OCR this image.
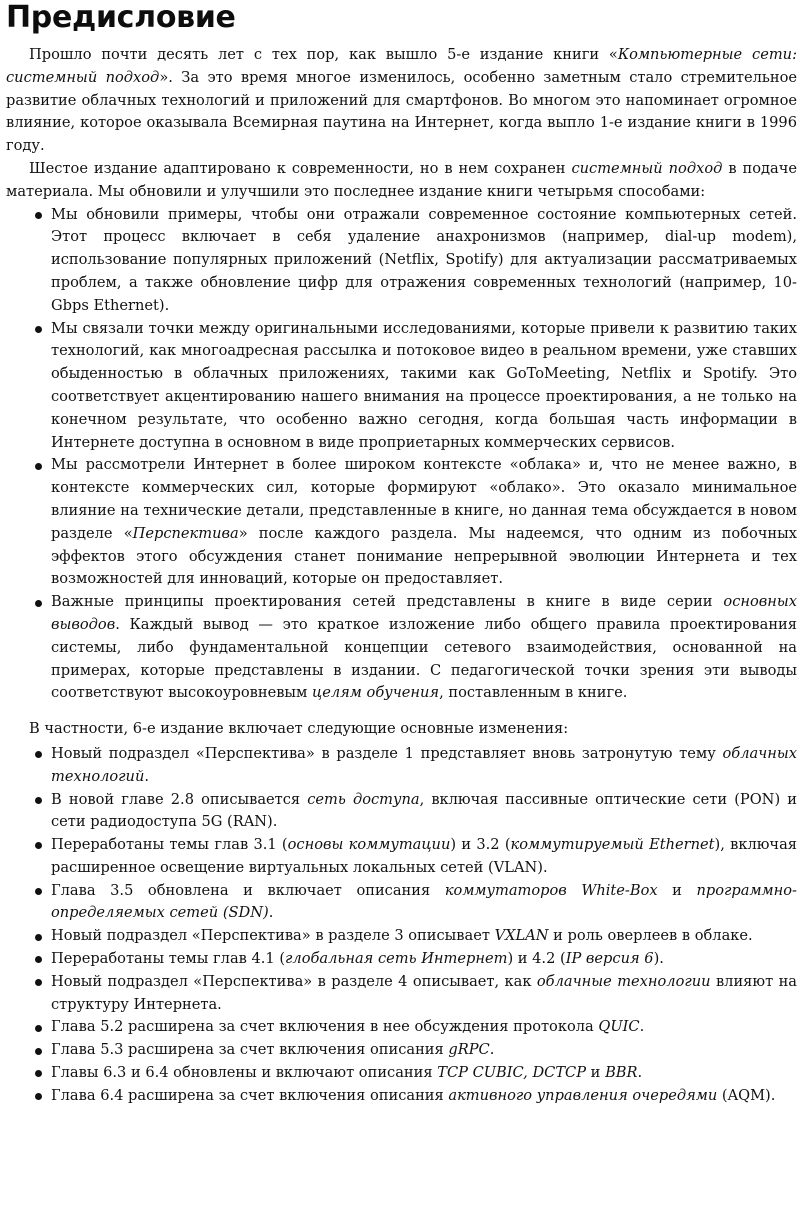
Предисловие

Прошло почти десять лет с тех пор, как вышло 5-е издание книги «Компьютерные сети: системный подход». За это время многое изменилось, особенно заметным стало стремительное развитие облачных технологий и приложений для смартфонов. Во многом это напоминает огромное влияние, которое оказывала Всемирная паутина на Интернет, когда выпло 1-е издание книги в 1996 году.

Шестое издание адаптировано к современности, но в нем сохранен системный подход в подаче материала. Мы обновили и улучшили это последнее издание книги четырьмя способами:

Мы обновили примеры, чтобы они отражали современное состояние компьютерных сетей. Этот процесс включает в себя удаление анахронизмов (например, dial-up modem), использование популярных приложений (Netflix, Spotify) для актуализации рассматриваемых проблем, а также обновление цифр для отражения современных технологий (например, 10-Gbps Ethernet).
Мы связали точки между оригинальными исследованиями, которые привели к развитию таких технологий, как многоадресная рассылка и потоковое видео в реальном времени, уже ставших обыденностью в облачных приложениях, такими как GoToMeeting, Netflix и Spotify. Это соответствует акцентированию нашего внимания на процессе проектирования, а не только на конечном результате, что особенно важно сегодня, когда большая часть информации в Интернете доступна в основном в виде проприетарных коммерческих сервисов.
Мы рассмотрели Интернет в более широком контексте «облака» и, что не менее важно, в контексте коммерческих сил, которые формируют «облако». Это оказало минимальное влияние на технические детали, представленные в книге, но данная тема обсуждается в новом разделе «Перспектива» после каждого раздела. Мы надеемся, что одним из побочных эффектов этого обсуждения станет понимание непрерывной эволюции Интернета и тех возможностей для инноваций, которые он предоставляет.
Важные принципы проектирования сетей представлены в книге в виде серии основных выводов. Каждый вывод — это краткое изложение либо общего правила проектирования системы, либо фундаментальной концепции сетевого взаимодействия, основанной на примерах, которые представлены в издании. С педагогической точки зрения эти выводы соответствуют высокоуровневым целям обучения, поставленным в книге.

В частности, 6-е издание включает следующие основные изменения:

Новый подраздел «Перспектива» в разделе 1 представляет вновь затронутую тему облачных технологий.
В новой главе 2.8 описывается сеть доступа, включая пассивные оптические сети (PON) и сети радиодоступа 5G (RAN).
Переработаны темы глав 3.1 (основы коммутации) и 3.2 (коммутируемый Ethernet), включая расширенное освещение виртуальных локальных сетей (VLAN).
Глава 3.5 обновлена и включает описания коммутаторов White-Box и программно-определяемых сетей (SDN).
Новый подраздел «Перспектива» в разделе 3 описывает VXLAN и роль оверлеев в облаке.
Переработаны темы глав 4.1 (глобальная сеть Интернет) и 4.2 (IP версия 6).
Новый подраздел «Перспектива» в разделе 4 описывает, как облачные технологии влияют на структуру Интернета.
Глава 5.2 расширена за счет включения в нее обсуждения протокола QUIC.
Глава 5.3 расширена за счет включения описания gRPC.
Главы 6.3 и 6.4 обновлены и включают описания TCP CUBIC, DCTCP и BBR.
Глава 6.4 расширена за счет включения описания активного управления очередями (AQM).
